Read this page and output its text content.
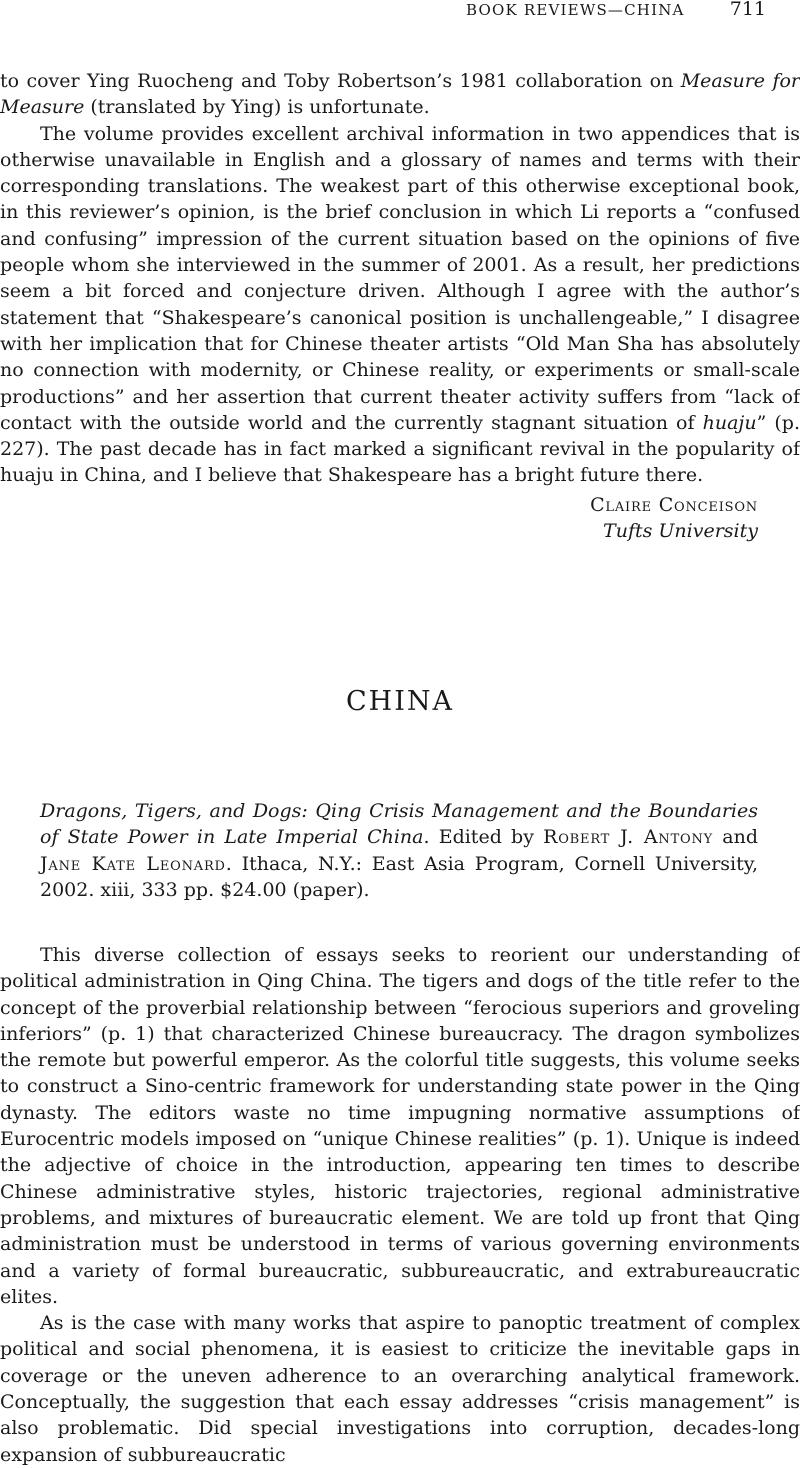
BOOK REVIEWS—CHINA 711

to cover Ying Ruocheng and Toby Robertson’s 1981 collaboration on Measure for Measure (translated by Ying) is unfortunate.

The volume provides excellent archival information in two appendices that is otherwise unavailable in English and a glossary of names and terms with their corresponding translations. The weakest part of this otherwise exceptional book, in this reviewer’s opinion, is the brief conclusion in which Li reports a “confused and confusing” impression of the current situation based on the opinions of five people whom she interviewed in the summer of 2001. As a result, her predictions seem a bit forced and conjecture driven. Although I agree with the author’s statement that “Shakespeare’s canonical position is unchallengeable,” I disagree with her implication that for Chinese theater artists “Old Man Sha has absolutely no connection with modernity, or Chinese reality, or experiments or small-scale productions” and her assertion that current theater activity suffers from “lack of contact with the outside world and the currently stagnant situation of huaju” (p. 227). The past decade has in fact marked a significant revival in the popularity of huaju in China, and I believe that Shakespeare has a bright future there.

Claire Conceison
Tufts University
CHINA
Dragons, Tigers, and Dogs: Qing Crisis Management and the Boundaries of State Power in Late Imperial China. Edited by Robert J. Antony and Jane Kate Leonard. Ithaca, N.Y.: East Asia Program, Cornell University, 2002. xiii, 333 pp. $24.00 (paper).

This diverse collection of essays seeks to reorient our understanding of political administration in Qing China. The tigers and dogs of the title refer to the concept of the proverbial relationship between “ferocious superiors and groveling inferiors” (p. 1) that characterized Chinese bureaucracy. The dragon symbolizes the remote but powerful emperor. As the colorful title suggests, this volume seeks to construct a Sino-centric framework for understanding state power in the Qing dynasty. The editors waste no time impugning normative assumptions of Eurocentric models imposed on “unique Chinese realities” (p. 1). Unique is indeed the adjective of choice in the introduction, appearing ten times to describe Chinese administrative styles, historic trajectories, regional administrative problems, and mixtures of bureaucratic element. We are told up front that Qing administration must be understood in terms of various governing environments and a variety of formal bureaucratic, subbureaucratic, and extrabureaucratic elites.

As is the case with many works that aspire to panoptic treatment of complex political and social phenomena, it is easiest to criticize the inevitable gaps in coverage or the uneven adherence to an overarching analytical framework. Conceptually, the suggestion that each essay addresses “crisis management” is also problematic. Did special investigations into corruption, decades-long expansion of subbureaucratic
